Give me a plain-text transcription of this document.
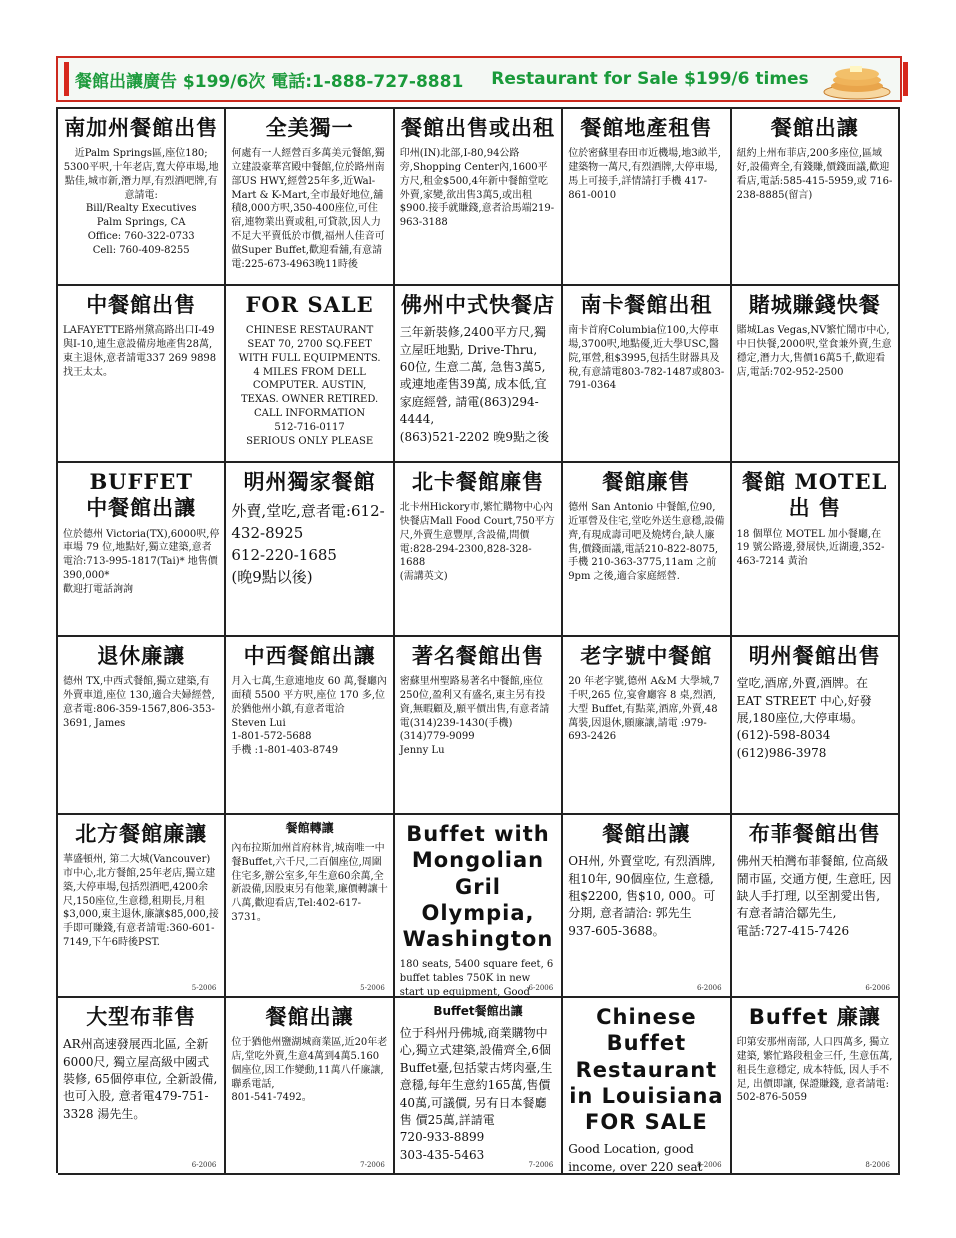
餐館出讓廣告 $199/6次 電話:1-888-727-8881 Restaurant for Sale $199/6 times
南加州餐館出售
近Palm Springs區,座位180;
5300平呎,十年老店,寬大停車場,地點佳,城市新,潛力厚,有烈酒吧牌,有意請電:
Bill/Realty Executives
Palm Springs, CA
Office: 760-322-0733
Cell: 760-409-8255
全美獨一
何處有一人經營百多萬美元餐館,獨立建設豪華宮殿中餐館,位於路州南部US HWY,經營25年多,近Wal-Mart & K-Mart,全市最好地位,舖積8,000方呎,350-400座位,可住宿,連物業出賣或租,可貸款,因人力不足大平賣低於市價,福州人佳音可做Super Buffet,歡迎看舖,有意請電:225-673-4963晚11時後
餐館出售或出租
印州(IN)北部,I-80,94公路旁,Shopping Center內,1600平方尺,租金$500,4年新中餐館堂吃外賣,家變,欲出售3萬5,或出租$900.接手就賺錢,意者洽馬端219-963-3188
餐館地產租售
位於密蘇里春田市近機場,地3畝半,建築物一萬尺,有烈酒牌,大停車場,馬上可接手,詳情請打手機 417-861-0010
餐館出讓
紐約上州布菲店,200多座位,區域好,設備齊全,有錢賺,價錢面議,歡迎看店,電話:585-415-5959,或 716-238-8885(留言)
中餐館出售
LAFAYETTE路州黛高路出口I-49與I-10,連生意設備房地產售28萬,東主退休,意者請電337 269 9898找王太太。
FOR SALE
CHINESE RESTAURANT
SEAT 70, 2700 SQ.FEET
WITH FULL EQUIPMENTS.
4 MILES FROM DELL
COMPUTER. AUSTIN,
TEXAS. OWNER RETIRED.
CALL INFORMATION
512-716-0117
SERIOUS ONLY PLEASE
佛州中式快餐店
三年新裝修,2400平方尺,獨立屋旺地點, Drive-Thru, 60位, 生意二萬, 急售3萬5,或連地產售39萬, 成本低,宜家庭經營, 請電(863)294-4444,
(863)521-2202 晚9點之後
南卡餐館出租
南卡首府Columbia位100,大停車場,3700呎,地點優,近大學USC,醫院,軍營,租$3995,包括生財器具及稅,有意請電803-782-1487或803-791-0364
賭城賺錢快餐
賭城Las Vegas,NV繁忙鬧市中心,中日快餐,2000呎,堂食兼外賣,生意穩定,潛力大,售價16萬5千,歡迎看店,電話:702-952-2500
BUFFET
中餐館出讓
位於德州 Victoria(TX),6000呎,停車場 79 位,地點好,獨立建築,意者電洽:713-995-1817(Tai)* 地售價 390,000*
歡迎打電話詢詢
明州獨家餐館
外賣,堂吃,意者電:612-432-8925
612-220-1685
(晚9點以後)
北卡餐館廉售
北卡州Hickory市,繁忙購物中心內快餐店Mall Food Court,750平方尺,外賣生意豐厚,含設備,問價電:828-294-2300,828-328-1688
(需講英文)
餐館廉售
德州 San Antonio 中餐館,位90,近軍營及住宅,堂吃外送生意穩,設備齊,有現成壽司吧及燒烤台,缺人廉售,價錢面議,電話210-822-8075,手機 210-363-3775,11am 之前 9pm 之後,適合家庭經營.
餐館 MOTEL
出 售
18 個單位 MOTEL 加小餐廳,在 19 號公路邊,發展快,近湖邊,352-463-7214 黃治
退休廉讓
德州 TX,中西式餐館,獨立建築,有外賣車道,座位 130,適合夫婦經營,意者電:806-359-1567,806-353-3691, James
中西餐館出讓
月入七萬,生意連地皮 60 萬,餐廳內面積 5500 平方呎,座位 170 多,位於猶他州小鎮,有意者電洽
Steven Lui
1-801-572-5688
手機 :1-801-403-8749
著名餐館出售
密蘇里州聖路易著名中餐館,座位250位,盈利又有盛名,東主另有投資,無暇顧及,願平價出售,有意者請電(314)239-1430(手機)(314)779-9099
Jenny Lu
老字號中餐館
20 年老字號,德州 A&M 大學城,7 千呎,265 位,宴會廳容 8 桌,烈酒,大型 Buffet,有點菜,酒席,外賣,48 萬裝,因退休,願廉讓,請電 :979-693-2426
明州餐館出售
堂吃,酒席,外賣,酒牌。在 EAT STREET 中心,好發展,180座位,大停車場。
(612)-598-8034
(612)986-3978
北方餐館廉讓
華盛頓州, 第二大城(Vancouver)市中心,北方餐館,25年老店,獨立建築,大停車場,包括烈酒吧,4200余尺,150座位,生意穩,租期長,月租$3,000,東主退休,廉讓$85,000,接手即可賺錢,有意者請電:360-601-7149,下午6時後PST.
5-2006
餐館轉讓
內布拉斯加州首府林肯,城南唯一中餐Buffet,六千尺,二百個座位,周圍住宅多,辦公室多,年生意60余萬,全新設備,因股東另有他業,廉價轉讓十八萬,歡迎看店,Tel:402-617-3731。
5-2006
Buffet with Mongolian Gril
Olympia, Washington
180 seats, 5400 square feet, 6 buffet tables 750K in new start up equipment, Good

6-2006
餐館出讓
OH州, 外賣堂吃, 有烈酒牌, 租10年, 90個座位, 生意穩, 租$2200, 售$10, 000。可分期, 意者請洽: 郭先生
937-605-3688。
6-2006
布菲餐館出售
佛州天柏灣布菲餐館, 位高級鬧市區, 交通方便, 生意旺, 因缺人手打理, 以至割愛出售, 有意者請洽鄒先生,
電話:727-415-7426
6-2006
大型布菲售
AR州高速發展西北區, 全新6000尺, 獨立屋高級中國式裝修, 65個停車位, 全新設備, 也可入股, 意者電479-751-3328 湯先生。
6-2006
餐館出讓
位于猶他州鹽湖城商業區,近20年老店,堂吃外賣,生意4萬到4萬5.160個座位,因工作變動,11萬八仟廉讓,聯系電話,
801-541-7492。
7-2006
Buffet餐館出讓
位于科州丹佛城,商業購物中心,獨立式建築,設備齊全,6個Buffet臺,包括蒙古烤肉臺,生意穩,每年生意約165萬,售價40萬,可議價, 另有日本餐廳售 價25萬,詳請電
720-933-8899
303-435-5463
7-2006
Chinese Buffet Restaurant
in Louisiana FOR SALE
Good Location, good income, over 220 seat

8-2006
Buffet 廉讓
印第安那州南部, 人口四萬多, 獨立建築, 繁忙路段租金三仟, 生意伍萬, 租長生意穩定, 成本特低, 因人手不足, 出價即讓, 保證賺錢, 意者請電:
502-876-5059
8-2006
